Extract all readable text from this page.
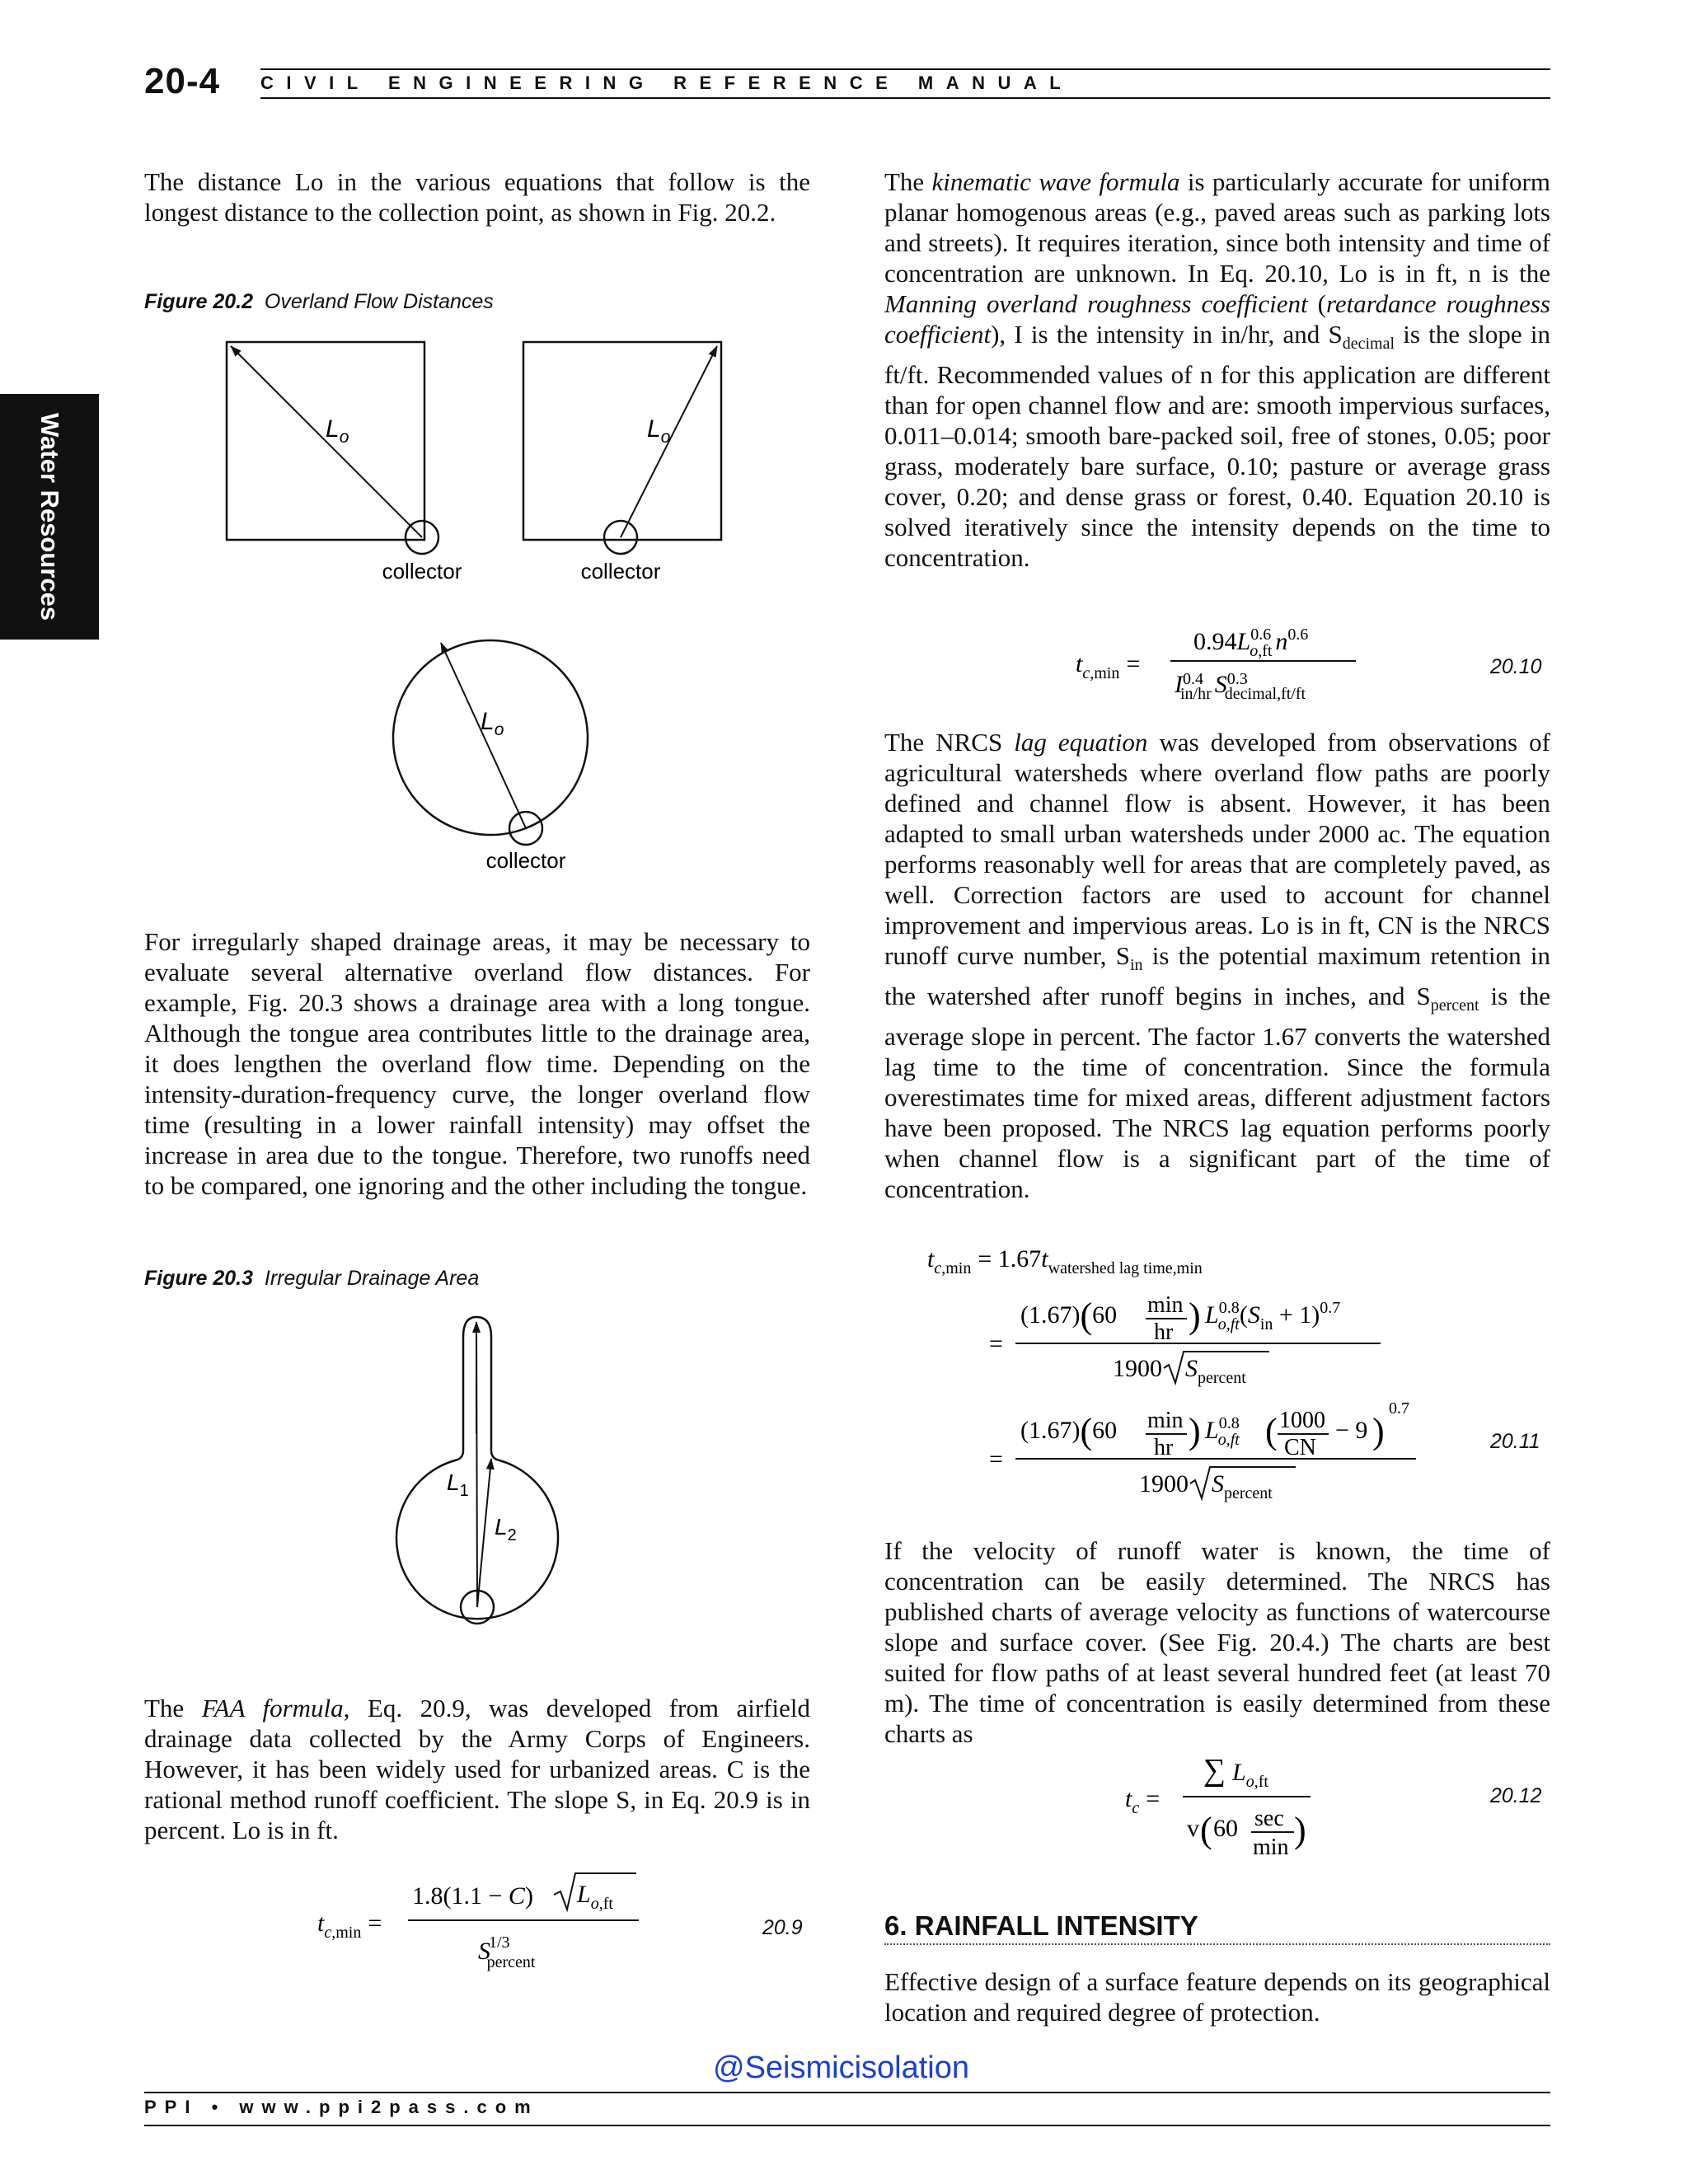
20-4 CIVIL ENGINEERING REFERENCE MANUAL
Water Resources

The distance Lo in the various equations that follow is the longest distance to the collection point, as shown in Fig. 20.2.

Figure 20.2 Overland Flow Distances
$L_o$
collector
$L_o$
collector
$L_o$
collector

For irregularly shaped drainage areas, it may be necessary to evaluate several alternative overland flow distances. For example, Fig. 20.3 shows a drainage area with a long tongue. Although the tongue area contributes little to the drainage area, it does lengthen the overland flow time. Depending on the intensity-duration-frequency curve, the longer overland flow time (resulting in a lower rainfall intensity) may offset the increase in area due to the tongue. Therefore, two runoffs need to be compared, one ignoring and the other including the tongue.

Figure 20.3 Irregular Drainage Area
$L_1$
$L_2$

The FAA formula, Eq. 20.9, was developed from airfield drainage data collected by the Army Corps of Engineers. However, it has been widely used for urbanized areas. C is the rational method runoff coefficient. The slope S, in Eq. 20.9 is in percent. Lo is in ft.

$t_c,\min$ =
1.8(1.1 − C) $L_o,ft$
S1/3 percent
20.9

The kinematic wave formula is particularly accurate for uniform planar homogenous areas (e.g., paved areas such as parking lots and streets). It requires iteration, since both intensity and time of concentration are unknown. In Eq. 20.10, Lo is in ft, n is the Manning overland roughness coefficient (retardance roughness coefficient), I is the intensity in in/hr, and $S_{decimal}$ is the slope in ft/ft. Recommended values of n for this application are different than for open channel flow and are: smooth impervious surfaces, 0.011–0.014; smooth bare-packed soil, free of stones, 0.05; poor grass, moderately bare surface, 0.10; pasture or average grass cover, 0.20; and dense grass or forest, 0.40. Equation 20.10 is solved iteratively since the intensity depends on the time to concentration.

$t_c,\min$ =
$0.94L^{0.6}$ o,ft $n^{0.6}$
$I^{0.4}$ in/hr $S^{0.3}$ decimal,ft/ft
20.10

The NRCS lag equation was developed from observations of agricultural watersheds where overland flow paths are poorly defined and channel flow is absent. However, it has been adapted to small urban watersheds under 2000 ac. The equation performs reasonably well for areas that are completely paved, as well. Correction factors are used to account for channel improvement and impervious areas. Lo is in ft, CN is the NRCS runoff curve number, $S_{in}$ is the potential maximum retention in the watershed after runoff begins in inches, and $S_{percent}$ is the average slope in percent. The factor 1.67 converts the watershed lag time to the time of concentration. Since the formula overestimates time for mixed areas, different adjustment factors have been proposed. The NRCS lag equation performs poorly when channel flow is a significant part of the time of concentration.

$t_c,\min = 1.67t_{watershed lag time,min}$
=
(1.67)(60 min
hr ) $L^{0.8}$ $o,ft(S_{in} + 1)^{0.7}$
1900 $S_{percent}$
=
(1.67)(60 min
hr ) $L^{0.8}$ o,ft ( 1000
CN
− 9 )
0.7
1900 $S_{percent}$
20.11

If the velocity of runoff water is known, the time of concentration can be easily determined. The NRCS has published charts of average velocity as functions of watercourse slope and surface cover. (See Fig. 20.4.) The charts are best suited for flow paths of at least several hundred feet (at least 70 m). The time of concentration is easily determined from these charts as

$t_c$ =
∑ $L_o,ft$
v ( 60 sec
min )
20.12
6. RAINFALL INTENSITY

Effective design of a surface feature depends on its geographical location and required degree of protection.

@Seismicisolation
PPI • www.ppi2pass.com
